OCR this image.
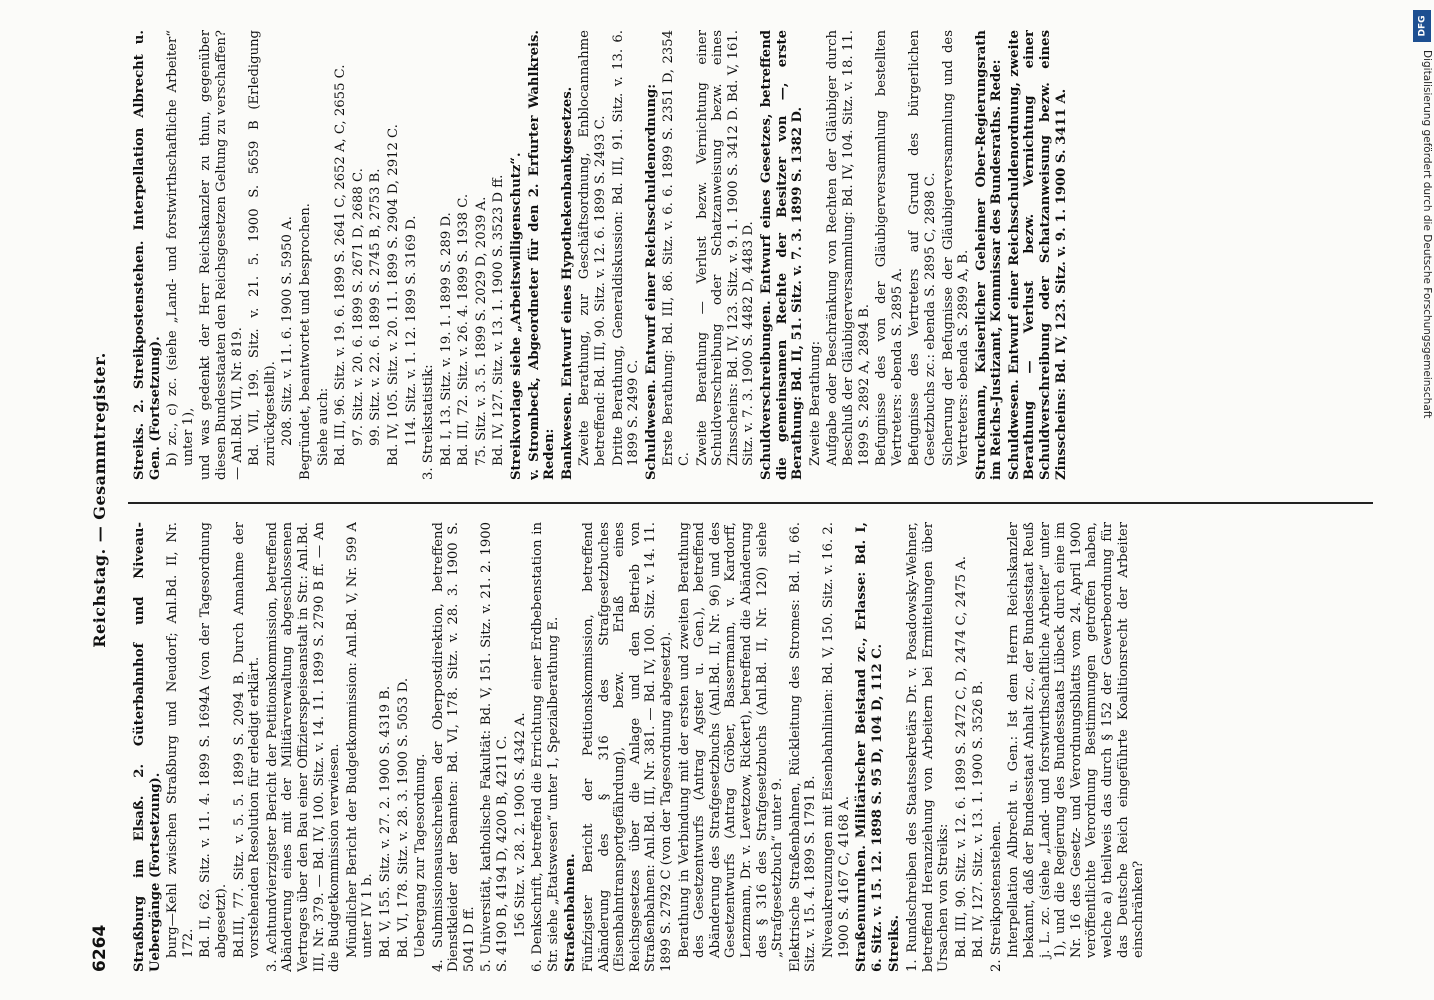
6264
Reichstag. — Gesammtregister.

Straßburg im Elsaß. 2. Güterbahnhof und Niveau-Uebergänge (Fortsetzung). burg—Kehl zwischen Straßburg und Neudorf; Anl.Bd. II, Nr. 172. Bd. II, 62. Sitz. v. 11. 4. 1899 S. 1694A (von der Tagesordnung abgesetzt). Bd.III, 77. Sitz. v. 5. 5. 1899 S. 2094 B. Durch Annahme der vorstehenden Resolution für erledigt erklärt. 3. Achtundvierzigster Bericht der Petitionskommission, betreffend Abänderung eines mit der Militärverwaltung abgeschlossenen Vertrages über den Bau einer Offiziersspeiseanstalt in Str.: Anl.Bd. III, Nr. 379. — Bd. IV, 100. Sitz. v. 14. 11. 1899 S. 2790 B ff. — An die Budgetkommission verwiesen. Mündlicher Bericht der Budgetkommission: Anl.Bd. V, Nr. 599 A unter IV 1 b. Bd. V, 155. Sitz. v. 27. 2. 1900 S. 4319 B. Bd. VI, 178. Sitz. v. 28. 3. 1900 S. 5053 D. Uebergang zur Tagesordnung. 4. Submissionsausschreiben der Oberpostdirektion, betreffend Dienstkleider der Beamten: Bd. VI, 178. Sitz. v. 28. 3. 1900 S. 5041 D ff. 5. Universität, katholische Fakultät: Bd. V, 151. Sitz. v. 21. 2. 1900 S. 4190 B, 4194 D, 4200 B, 4211 C. 156 Sitz. v. 28. 2. 1900 S. 4342 A. 6. Denkschrift, betreffend die Errichtung einer Erdbebenstation in Str. siehe „Etatswesen“ unter 1, Spezialberathung E. Straßenbahnen. Fünfzigster Bericht der Petitionskommission, betreffend Abänderung des § 316 des Strafgesetzbuches (Eisenbahntransportgefährdung), bezw. Erlaß eines Reichsgesetzes über die Anlage und den Betrieb von Straßenbahnen: Anl.Bd. III, Nr. 381. — Bd. IV, 100. Sitz. v. 14. 11. 1899 S. 2792 C (von der Tagesordnung abgesetzt). Berathung in Verbindung mit der ersten und zweiten Berathung des Gesetzentwurfs (Antrag Agster u. Gen.), betreffend Abänderung des Strafgesetzbuchs (Anl.Bd. II, Nr. 96) und des Gesetzentwurfs (Antrag Gröber, Bassermann, v. Kardorff, Lenzmann, Dr. v. Levetzow, Rickert), betreffend die Abänderung des § 316 des Strafgesetzbuchs (Anl.Bd. II, Nr. 120) siehe „Strafgesetzbuch“ unter 9. Elektrische Straßenbahnen, Rückleitung des Stromes: Bd. II, 66. Sitz. v. 15. 4. 1899 S. 1791 B. Niveaukreuzungen mit Eisenbahnlinien: Bd. V, 150. Sitz. v. 16. 2. 1900 S. 4167 C, 4168 A. Straßenunruhen. Militärischer Beistand zc., Erlasse: Bd. I, 6. Sitz. v. 15. 12. 1898 S. 95 D, 104 D, 112 C. Streiks. 1. Rundschreiben des Staatssekretärs Dr. v. Posadowsky-Wehner, betreffend Heranziehung von Arbeitern bei Ermittelungen über Ursachen von Streiks: Bd. III, 90. Sitz. v. 12. 6. 1899 S. 2472 C, D, 2474 C, 2475 A. Bd. IV, 127. Sitz. v. 13. 1. 1900 S. 3526 B. 2. Streikpostenstehen. Interpellation Albrecht u. Gen.: Ist dem Herrn Reichskanzler bekannt, daß der Bundesstaat Anhalt zc., der Bundesstaat Reuß j. L. zc. (siehe „Land- und forstwirthschaftliche Arbeiter“ unter 1), und die Regierung des Bundesstaats Lübeck durch eine im Nr. 16 des Gesetz- und Verordnungsblatts vom 24. April 1900 veröffentlichte Verordnung Bestimmungen getroffen haben, welche a) theilweis das durch § 152 der Gewerbeordnung für das Deutsche Reich eingeführte Koalitionsrecht der Arbeiter einschränken?

Streiks. 2. Streikpostenstehen. Interpellation Albrecht u. Gen. (Fortsetzung). b) zc., c) zc. (siehe „Land- und forstwirthschaftliche Arbeiter“ unter 1), und was gedenkt der Herr Reichskanzler zu thun, gegenüber diesen Bundesstaaten den Reichsgesetzen Geltung zu verschaffen? — Anl.Bd. VII, Nr. 819. Bd. VII, 199. Sitz. v. 21. 5. 1900 S. 5659 B (Erledigung zurückgestellt). 208. Sitz. v. 11. 6. 1900 S. 5950 A. Begründet, beantwortet und besprochen. Siehe auch: Bd. III, 96. Sitz. v. 19. 6. 1899 S. 2641 C, 2652 A, C, 2655 C. 97. Sitz. v. 20. 6. 1899 S. 2671 D, 2688 C. 99. Sitz. v. 22. 6. 1899 S. 2745 B, 2753 B. Bd. IV, 105. Sitz. v. 20. 11. 1899 S. 2904 D, 2912 C. 114. Sitz. v. 1. 12. 1899 S. 3169 D. 3. Streikstatistik: Bd. I, 13. Sitz. v. 19. 1. 1899 S. 289 D. Bd. III, 72. Sitz. v. 26. 4. 1899 S. 1938 C. 75. Sitz. v. 3. 5. 1899 S. 2029 D, 2039 A. Bd. IV, 127. Sitz. v. 13. 1. 1900 S. 3523 D ff. Streikvorlage siehe „Arbeitswilligenschutz“. v. Strombeck, Abgeordneter für den 2. Erfurter Wahlkreis. Reden: Bankwesen. Entwurf eines Hypothekenbankgesetzes. Zweite Berathung, zur Geschäftsordnung, Enblocannahme betreffend: Bd. III, 90. Sitz. v. 12. 6. 1899 S. 2493 C. Dritte Berathung, Generaldiskussion: Bd. III, 91. Sitz. v. 13. 6. 1899 S. 2499 C. Schuldwesen. Entwurf einer Reichsschuldenordnung: Erste Berathung: Bd. III, 86. Sitz. v. 6. 6. 1899 S. 2351 D, 2354 C. Zweite Berathung — Verlust bezw. Vernichtung einer Schuldverschreibung oder Schatzanweisung bezw. eines Zinsscheins: Bd. IV, 123. Sitz. v. 9. 1. 1900 S. 3412 D. Bd. V, 161. Sitz. v. 7. 3. 1900 S. 4482 D, 4483 D. Schuldverschreibungen. Entwurf eines Gesetzes, betreffend die gemeinsamen Rechte der Besitzer von —, erste Berathung: Bd. II, 51. Sitz. v. 7. 3. 1899 S. 1382 D. Zweite Berathung: Aufgabe oder Beschränkung von Rechten der Gläubiger durch Beschluß der Gläubigerversammlung: Bd. IV, 104. Sitz. v. 18. 11. 1899 S. 2892 A, 2894 B. Befugnisse des von der Gläubigerversammlung bestellten Vertreters: ebenda S. 2895 A. Befugnisse des Vertreters auf Grund des bürgerlichen Gesetzbuchs zc.: ebenda S. 2895 C, 2898 C. Sicherung der Befugnisse der Gläubigerversammlung und des Vertreters: ebenda S. 2899 A, B. Struckmann, Kaiserlicher Geheimer Ober-Regierungsrath im Reichs-Justizamt, Kommissar des Bundesraths. Rede: Schuldwesen. Entwurf einer Reichsschuldenordnung, zweite Berathung — Verlust bezw. Vernichtung einer Schuldverschreibung oder Schatzanweisung bezw. eines Zinsscheins: Bd. IV, 123. Sitz. v. 9. 1. 1900 S. 3411 A.

DFG
Digitalisierung gefördert durch die Deutsche Forschungsgemeinschaft
